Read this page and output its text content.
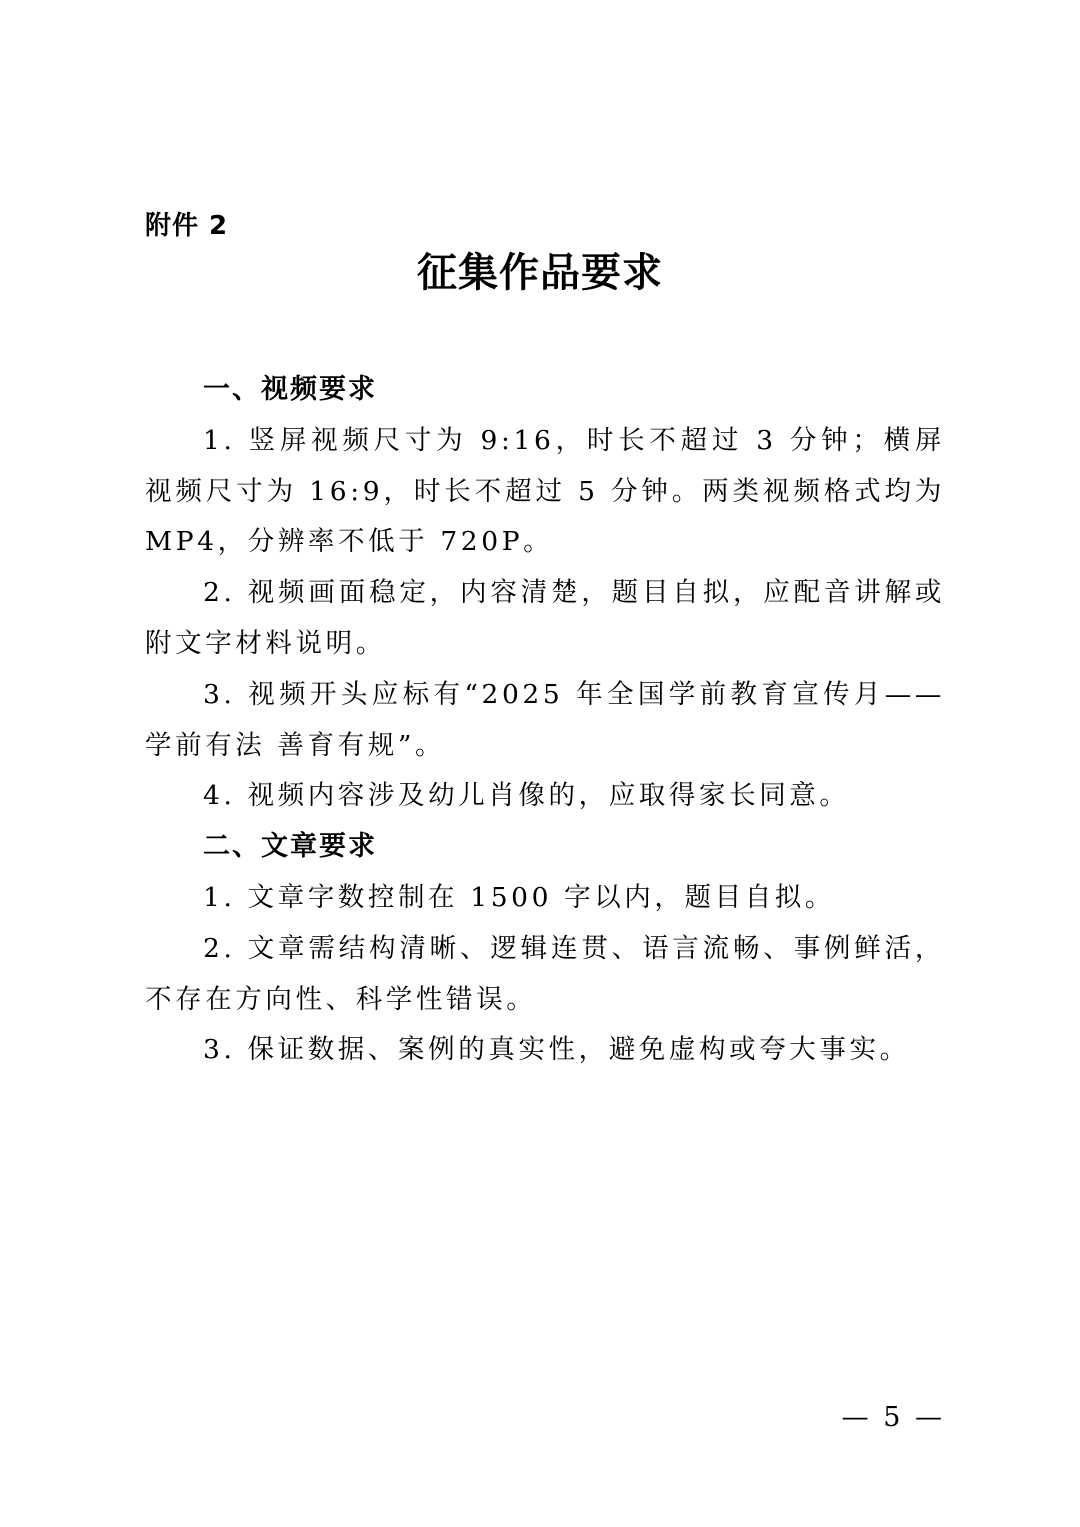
附件 2
征集作品要求

一、视频要求

1. 竖屏视频尺寸为 9:16，时长不超过 3 分钟；横屏视频尺寸为 16:9，时长不超过 5 分钟。两类视频格式均为 MP4，分辨率不低于 720P。

2. 视频画面稳定，内容清楚，题目自拟，应配音讲解或附文字材料说明。

3. 视频开头应标有“2025 年全国学前教育宣传月——学前有法 善育有规”。

4. 视频内容涉及幼儿肖像的，应取得家长同意。

二、文章要求

1. 文章字数控制在 1500 字以内，题目自拟。

2. 文章需结构清晰、逻辑连贯、语言流畅、事例鲜活，不存在方向性、科学性错误。

3. 保证数据、案例的真实性，避免虚构或夸大事实。

— 5 —
